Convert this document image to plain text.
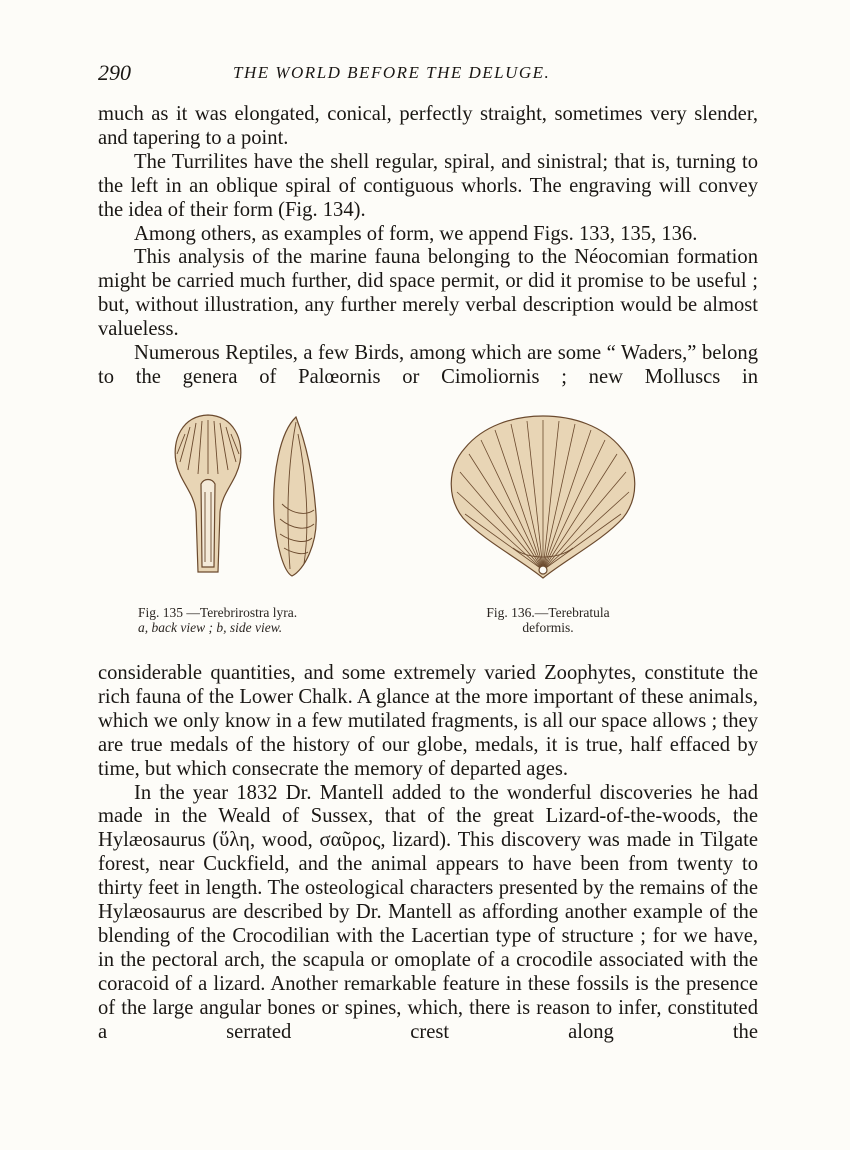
290	THE WORLD BEFORE THE DELUGE.

much as it was elongated, conical, perfectly straight, sometimes very slender, and tapering to a point.

The Turrilites have the shell regular, spiral, and sinistral; that is, turning to the left in an oblique spiral of contiguous whorls. The engraving will convey the idea of their form (Fig. 134).

Among others, as examples of form, we append Figs. 133, 135, 136.

This analysis of the marine fauna belonging to the Néocomian formation might be carried much further, did space permit, or did it promise to be useful ; but, without illustration, any further merely verbal description would be almost valueless.

Numerous Reptiles, a few Birds, among which are some “ Waders,” belong to the genera of Palœornis or Cimoliornis ; new Molluscs in

Fig. 135 —Terebrirostra lyra.
a, back view ; b, side view.
Fig. 136.—Terebratula
deformis.

considerable quantities, and some extremely varied Zoophytes, constitute the rich fauna of the Lower Chalk. A glance at the more important of these animals, which we only know in a few mutilated fragments, is all our space allows ; they are true medals of the history of our globe, medals, it is true, half effaced by time, but which consecrate the memory of departed ages.

In the year 1832 Dr. Mantell added to the wonderful discoveries he had made in the Weald of Sussex, that of the great Lizard-of-the-woods, the Hylæosaurus (ὕλη, wood, σαῦρος, lizard). This discovery was made in Tilgate forest, near Cuckfield, and the animal appears to have been from twenty to thirty feet in length. The osteological characters presented by the remains of the Hylæosaurus are described by Dr. Mantell as affording another example of the blending of the Crocodilian with the Lacertian type of structure ; for we have, in the pectoral arch, the scapula or omoplate of a crocodile associated with the coracoid of a lizard. Another remarkable feature in these fossils is the presence of the large angular bones or spines, which, there is reason to infer, constituted a serrated crest along the
